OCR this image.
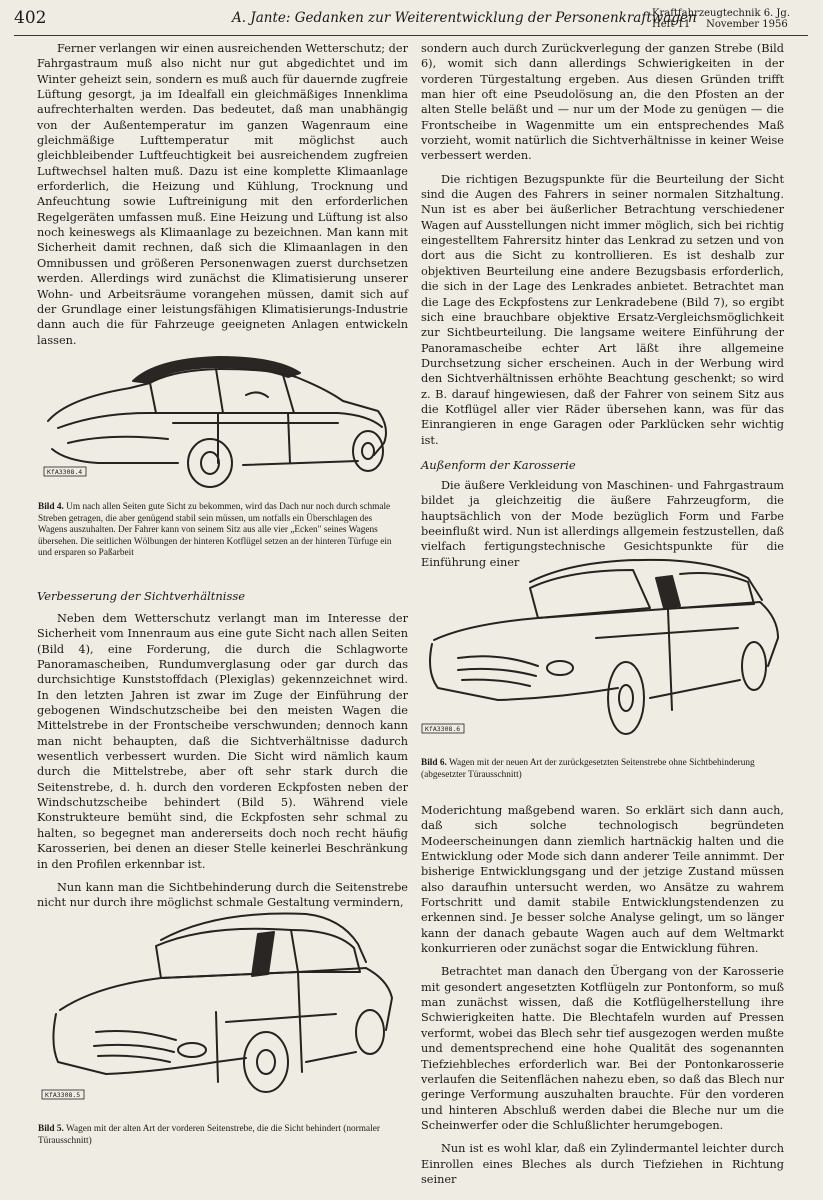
402	A. Jante: Gedanken zur Weiterentwicklung der Personenkraftwagen
Kraftfahrzeugtechnik 6. Jg.
Heft 11     November 1956

Ferner verlangen wir einen ausreichenden Wetterschutz; der Fahrgastraum muß also nicht nur gut abgedichtet und im Winter geheizt sein, sondern es muß auch für dauernde zugfreie Lüftung gesorgt, ja im Idealfall ein gleichmäßiges Innenklima aufrechterhalten werden. Das bedeutet, daß man unabhängig von der Außentemperatur im ganzen Wagenraum eine gleichmäßige Lufttemperatur mit möglichst auch gleichbleibender Luftfeuchtigkeit bei ausreichendem zugfreien Luftwechsel halten muß. Dazu ist eine komplette Klimaanlage erforderlich, die Heizung und Kühlung, Trocknung und Anfeuchtung sowie Luftreinigung mit den erforderlichen Regelgeräten umfassen muß. Eine Heizung und Lüftung ist also noch keineswegs als Klimaanlage zu bezeichnen. Man kann mit Sicherheit damit rechnen, daß sich die Klimaanlagen in den Omnibussen und größeren Personenwagen zuerst durchsetzen werden. Allerdings wird zunächst die Klimatisierung unserer Wohn- und Arbeitsräume vorangehen müssen, damit sich auf der Grundlage einer leistungsfähigen Klimatisierungs-Industrie dann auch die für Fahrzeuge geeigneten Anlagen entwickeln lassen.

KfA3308.4

Bild 4. Um nach allen Seiten gute Sicht zu bekommen, wird das Dach nur noch durch schmale Streben getragen, die aber genügend stabil sein müssen, um notfalls ein Überschlagen des Wagens auszuhalten. Der Fahrer kann von seinem Sitz aus alle vier „Ecken" seines Wagens übersehen. Die seitlichen Wölbungen der hinteren Kotflügel setzen an der hinteren Türfuge ein und ersparen so Paßarbeit

Verbesserung der Sichtverhältnisse

Neben dem Wetterschutz verlangt man im Interesse der Sicherheit vom Innenraum aus eine gute Sicht nach allen Seiten (Bild 4), eine Forderung, die durch die Schlagworte Panoramascheiben, Rundumverglasung oder gar durch das durchsichtige Kunststoffdach (Plexiglas) gekennzeichnet wird. In den letzten Jahren ist zwar im Zuge der Einführung der gebogenen Windschutzscheibe bei den meisten Wagen die Mittelstrebe in der Frontscheibe verschwunden; dennoch kann man nicht behaupten, daß die Sichtverhältnisse dadurch wesentlich verbessert wurden. Die Sicht wird nämlich kaum durch die Mittelstrebe, aber oft sehr stark durch die Seitenstrebe, d. h. durch den vorderen Eckpfosten neben der Windschutzscheibe behindert (Bild 5). Während viele Konstrukteure bemüht sind, die Eckpfosten sehr schmal zu halten, so begegnet man andererseits doch noch recht häufig Karosserien, bei denen an dieser Stelle keinerlei Beschränkung in den Profilen erkennbar ist.

Nun kann man die Sichtbehinderung durch die Seitenstrebe nicht nur durch ihre möglichst schmale Gestaltung vermindern,

KfA3308.5

Bild 5. Wagen mit der alten Art der vorderen Seitenstrebe, die die Sicht behindert (normaler Türausschnitt)

sondern auch durch Zurückverlegung der ganzen Strebe (Bild 6), womit sich dann allerdings Schwierigkeiten in der vorderen Türgestaltung ergeben. Aus diesen Gründen trifft man hier oft eine Pseudolösung an, die den Pfosten an der alten Stelle beläßt und — nur um der Mode zu genügen — die Frontscheibe in Wagenmitte um ein entsprechendes Maß vorzieht, womit natürlich die Sichtverhältnisse in keiner Weise verbessert werden.

Die richtigen Bezugspunkte für die Beurteilung der Sicht sind die Augen des Fahrers in seiner normalen Sitzhaltung. Nun ist es aber bei äußerlicher Betrachtung verschiedener Wagen auf Ausstellungen nicht immer möglich, sich bei richtig eingestelltem Fahrersitz hinter das Lenkrad zu setzen und von dort aus die Sicht zu kontrollieren. Es ist deshalb zur objektiven Beurteilung eine andere Bezugsbasis erforderlich, die sich in der Lage des Lenkrades anbietet. Betrachtet man die Lage des Eckpfostens zur Lenkradebene (Bild 7), so ergibt sich eine brauchbare objektive Ersatz-Vergleichsmöglichkeit zur Sichtbeurteilung. Die langsame weitere Einführung der Panoramascheibe echter Art läßt ihre allgemeine Durchsetzung sicher erscheinen. Auch in der Werbung wird den Sichtverhältnissen erhöhte Beachtung geschenkt; so wird z. B. darauf hingewiesen, daß der Fahrer von seinem Sitz aus die Kotflügel aller vier Räder übersehen kann, was für das Einrangieren in enge Garagen oder Parklücken sehr wichtig ist.

Außenform der Karosserie

Die äußere Verkleidung von Maschinen- und Fahrgastraum bildet ja gleichzeitig die äußere Fahrzeugform, die hauptsächlich von der Mode bezüglich Form und Farbe beeinflußt wird. Nun ist allerdings allgemein festzustellen, daß vielfach fertigungstechnische Gesichtspunkte für die Einführung einer

KfA3308.6

Bild 6. Wagen mit der neuen Art der zurückgesetzten Seitenstrebe ohne Sichtbehinderung (abgesetzter Türausschnitt)

Moderichtung maßgebend waren. So erklärt sich dann auch, daß sich solche technologisch begründeten Modeerscheinungen dann ziemlich hartnäckig halten und die Entwicklung oder Mode sich dann anderer Teile annimmt. Der bisherige Entwicklungsgang und der jetzige Zustand müssen also daraufhin untersucht werden, wo Ansätze zu wahrem Fortschritt und damit stabile Entwicklungstendenzen zu erkennen sind. Je besser solche Analyse gelingt, um so länger kann der danach gebaute Wagen auch auf dem Weltmarkt konkurrieren oder zunächst sogar die Entwicklung führen.

Betrachtet man danach den Übergang von der Karosserie mit gesondert angesetzten Kotflügeln zur Pontonform, so muß man zunächst wissen, daß die Kotflügelherstellung ihre Schwierigkeiten hatte. Die Blechtafeln wurden auf Pressen verformt, wobei das Blech sehr tief ausgezogen werden mußte und dementsprechend eine hohe Qualität des sogenannten Tiefziehbleches erforderlich war. Bei der Pontonkarosserie verlaufen die Seitenflächen nahezu eben, so daß das Blech nur geringe Verformung auszuhalten brauchte. Für den vorderen und hinteren Abschluß werden dabei die Bleche nur um die Scheinwerfer oder die Schlußlichter herumgebogen.

Nun ist es wohl klar, daß ein Zylindermantel leichter durch Einrollen eines Bleches als durch Tiefziehen in Richtung seiner
